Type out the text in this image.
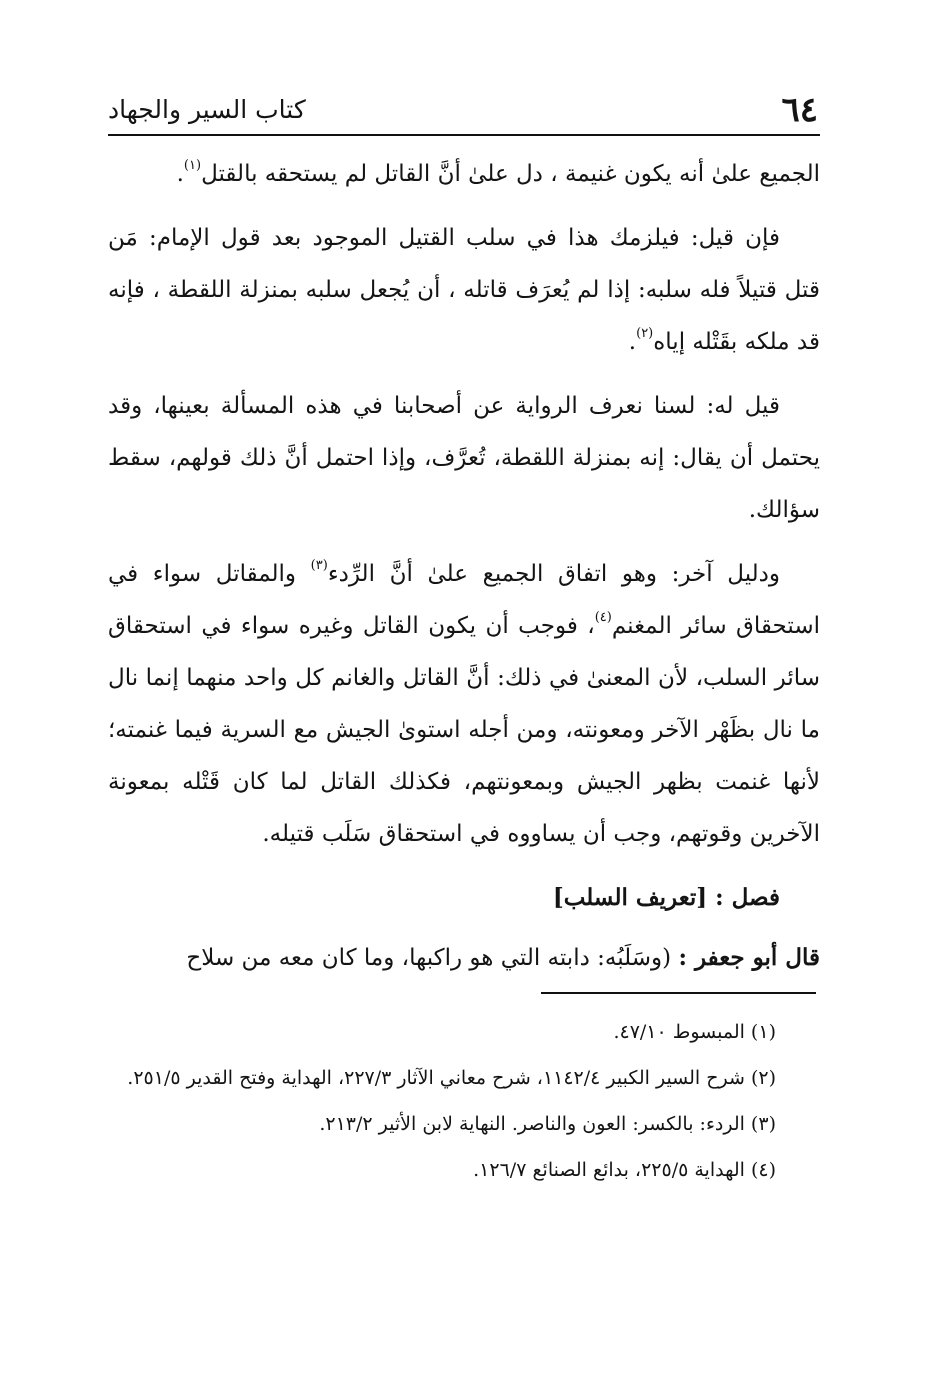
٦٤
كتاب السير والجهاد

الجميع علىٰ أنه يكون غنيمة ، دل علىٰ أنَّ القاتل لم يستحقه بالقتل$^{(١)}$.

فإن قيل: فيلزمك هذا في سلب القتيل الموجود بعد قول الإمام: مَن قتل قتيلاً فله سلبه: إذا لم يُعرَف قاتله ، أن يُجعل سلبه بمنزلة اللقطة ، فإنه قد ملكه بقَتْله إياه$^{(٢)}$.

قيل له: لسنا نعرف الرواية عن أصحابنا في هذه المسألة بعينها، وقد يحتمل أن يقال: إنه بمنزلة اللقطة، تُعرَّف، وإذا احتمل أنَّ ذلك قولهم، سقط سؤالك.

ودليل آخر: وهو اتفاق الجميع علىٰ أنَّ الرِّدء$^{(٣)}$ والمقاتل سواء في استحقاق سائر المغنم$^{(٤)}$، فوجب أن يكون القاتل وغيره سواء في استحقاق سائر السلب، لأن المعنىٰ في ذلك: أنَّ القاتل والغانم كل واحد منهما إنما نال ما نال بظَهْر الآخر ومعونته، ومن أجله استوىٰ الجيش مع السرية فيما غنمته؛ لأنها غنمت بظهر الجيش وبمعونتهم، فكذلك القاتل لما كان قَتْله بمعونة الآخرين وقوتهم، وجب أن يساووه في استحقاق سَلَب قتيله.

فصل : [تعريف السلب]

قال أبو جعفر : (وسَلَبُه: دابته التي هو راكبها، وما كان معه من سلاح

(١) المبسوط ٤٧/١٠.

(٢) شرح السير الكبير ١١٤٢/٤، شرح معاني الآثار ٢٢٧/٣، الهداية وفتح القدير ٢٥١/٥.

(٣) الردء: بالكسر: العون والناصر. النهاية لابن الأثير ٢١٣/٢.

(٤) الهداية ٢٢٥/٥، بدائع الصنائع ١٢٦/٧.
